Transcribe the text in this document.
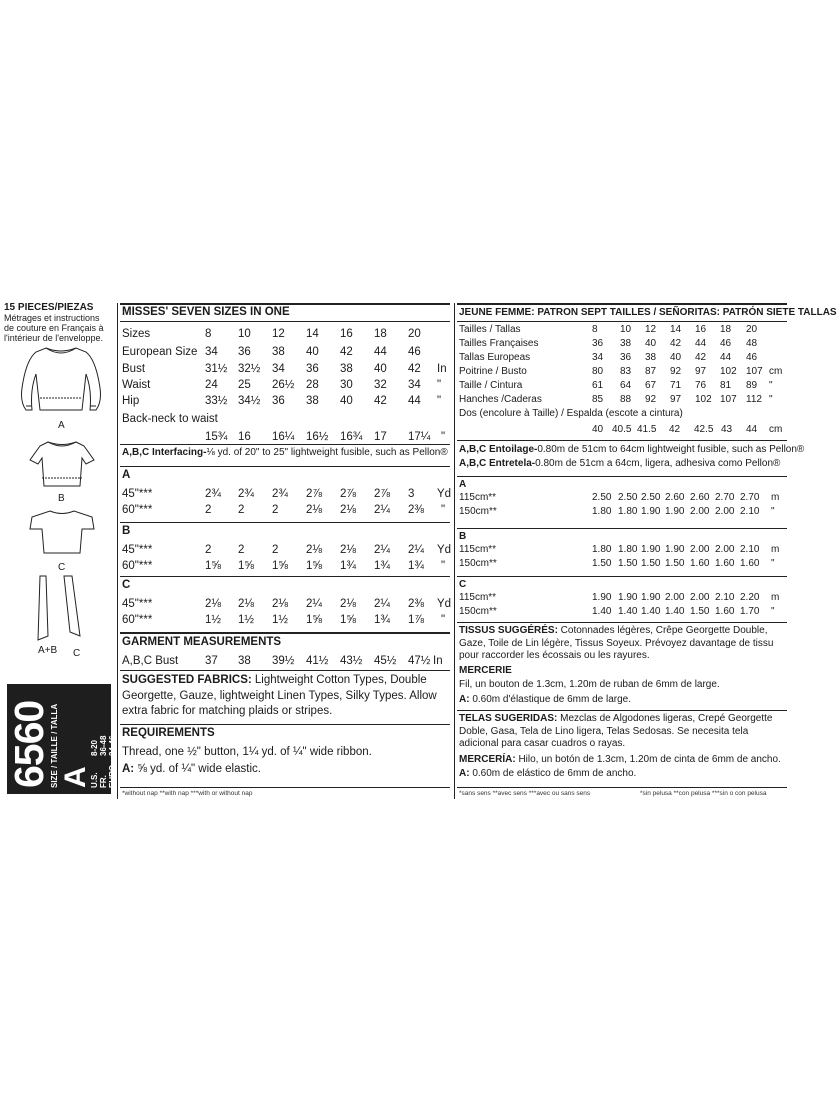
15 PIECES/PIEZAS
Métrages et instructions
de couture en Français à
l'intérieur de l'enveloppe.
A
B
C
A+B C
6560
SIZE / TAILLE / TALLA A
U.S.8-20
FR.36-48
EURO.34-46
MISSES' SEVEN SIZES IN ONE
Sizes	8 10 12 14 16 18 20
European Size 34 36 38 40 42 44 46
Bust	31½ 32½ 34 36 38 40 42 In
Waist	24 25 26½ 28 30 32 34 "
Hip	33½ 34½ 36 38 40 42 44 "
Back-neck to waist
15¾ 16 16¼ 16½ 16¾ 17 17¼ "
A,B,C Interfacing-⅛ yd. of 20" to 25" lightweight fusible, such as Pellon®
A
45"***	2¾ 2¾ 2¾ 2⅞ 2⅞ 2⅞ 3 Yd
60"***	2 2 2 2⅛ 2⅛ 2¼ 2⅜ "
B
45"***	2 2 2 2⅛ 2⅛ 2¼ 2¼ Yd
60"***	1⅝ 1⅝ 1⅝ 1⅝ 1¾ 1¾ 1¾ "
C
45"***	2⅛ 2⅛ 2⅛ 2¼ 2⅛ 2¼ 2⅜ Yd
60"***	1½ 1½ 1½ 1⅝ 1⅝ 1¾ 1⅞ "
GARMENT MEASUREMENTS
A,B,C Bust 37 38 39½ 41½ 43½ 45½ 47½ In
SUGGESTED FABRICS: Lightweight Cotton Types, Double Georgette, Gauze, lightweight Linen Types, Silky Types. Allow extra fabric for matching plaids or stripes.
REQUIREMENTS
Thread, one ½" button, 1¼ yd. of ¼" wide ribbon.
A: ⅝ yd. of ¼" wide elastic.
*without nap **with nap ***with or without nap
JEUNE FEMME: PATRON SEPT TAILLES / SEÑORITAS: PATRÓN SIETE TALLAS
Tailles / Tallas	8 10 12 14 16 18 20
Tailles Françaises	36 38 40 42 44 46 48
Tallas Europeas	34 36 38 40 42 44 46
Poitrine / Busto	80 83 87 92 97 102 107 cm
Taille / Cintura	61 64 67 71 76 81 89 "
Hanches /Caderas	85 88 92 97 102 107 112 "
Dos (encolure à Taille) / Espalda (escote a cintura)
40 40.5 41.5 42 42.5 43 44 cm
A,B,C Entoilage-0.80m de 51cm to 64cm lightweight fusible, such as Pellon®
A,B,C Entretela-0.80m de 51cm a 64cm, ligera, adhesiva como Pellon®
A
115cm**	2.50 2.50 2.50 2.60 2.60 2.70 2.70 m
150cm**	1.80 1.80 1.90 1.90 2.00 2.00 2.10 "
B
115cm**	1.80 1.80 1.90 1.90 2.00 2.00 2.10 m
150cm**	1.50 1.50 1.50 1.50 1.60 1.60 1.60 "
C
115cm**	1.90 1.90 1.90 2.00 2.00 2.10 2.20 m
150cm**	1.40 1.40 1.40 1.40 1.50 1.60 1.70 "
TISSUS SUGGÉRÉS: Cotonnades légères, Crêpe Georgette Double, Gaze, Toile de Lin légère, Tissus Soyeux. Prévoyez davantage de tissu pour raccorder les écossais ou les rayures.
MERCERIE
Fil, un bouton de 1.3cm, 1.20m de ruban de 6mm de large.
A: 0.60m d'élastique de 6mm de large.
TELAS SUGERIDAS: Mezclas de Algodones ligeras, Crepé Georgette Doble, Gasa, Tela de Lino ligera, Telas Sedosas. Se necesita tela adicional para casar cuadros o rayas.
MERCERÍA: Hilo, un botón de 1.3cm, 1.20m de cinta de 6mm de ancho.
A: 0.60m de elástico de 6mm de ancho.
*sans sens **avec sens ***avec ou sans sens	*sin pelusa **con pelusa ***sin o con pelusa
